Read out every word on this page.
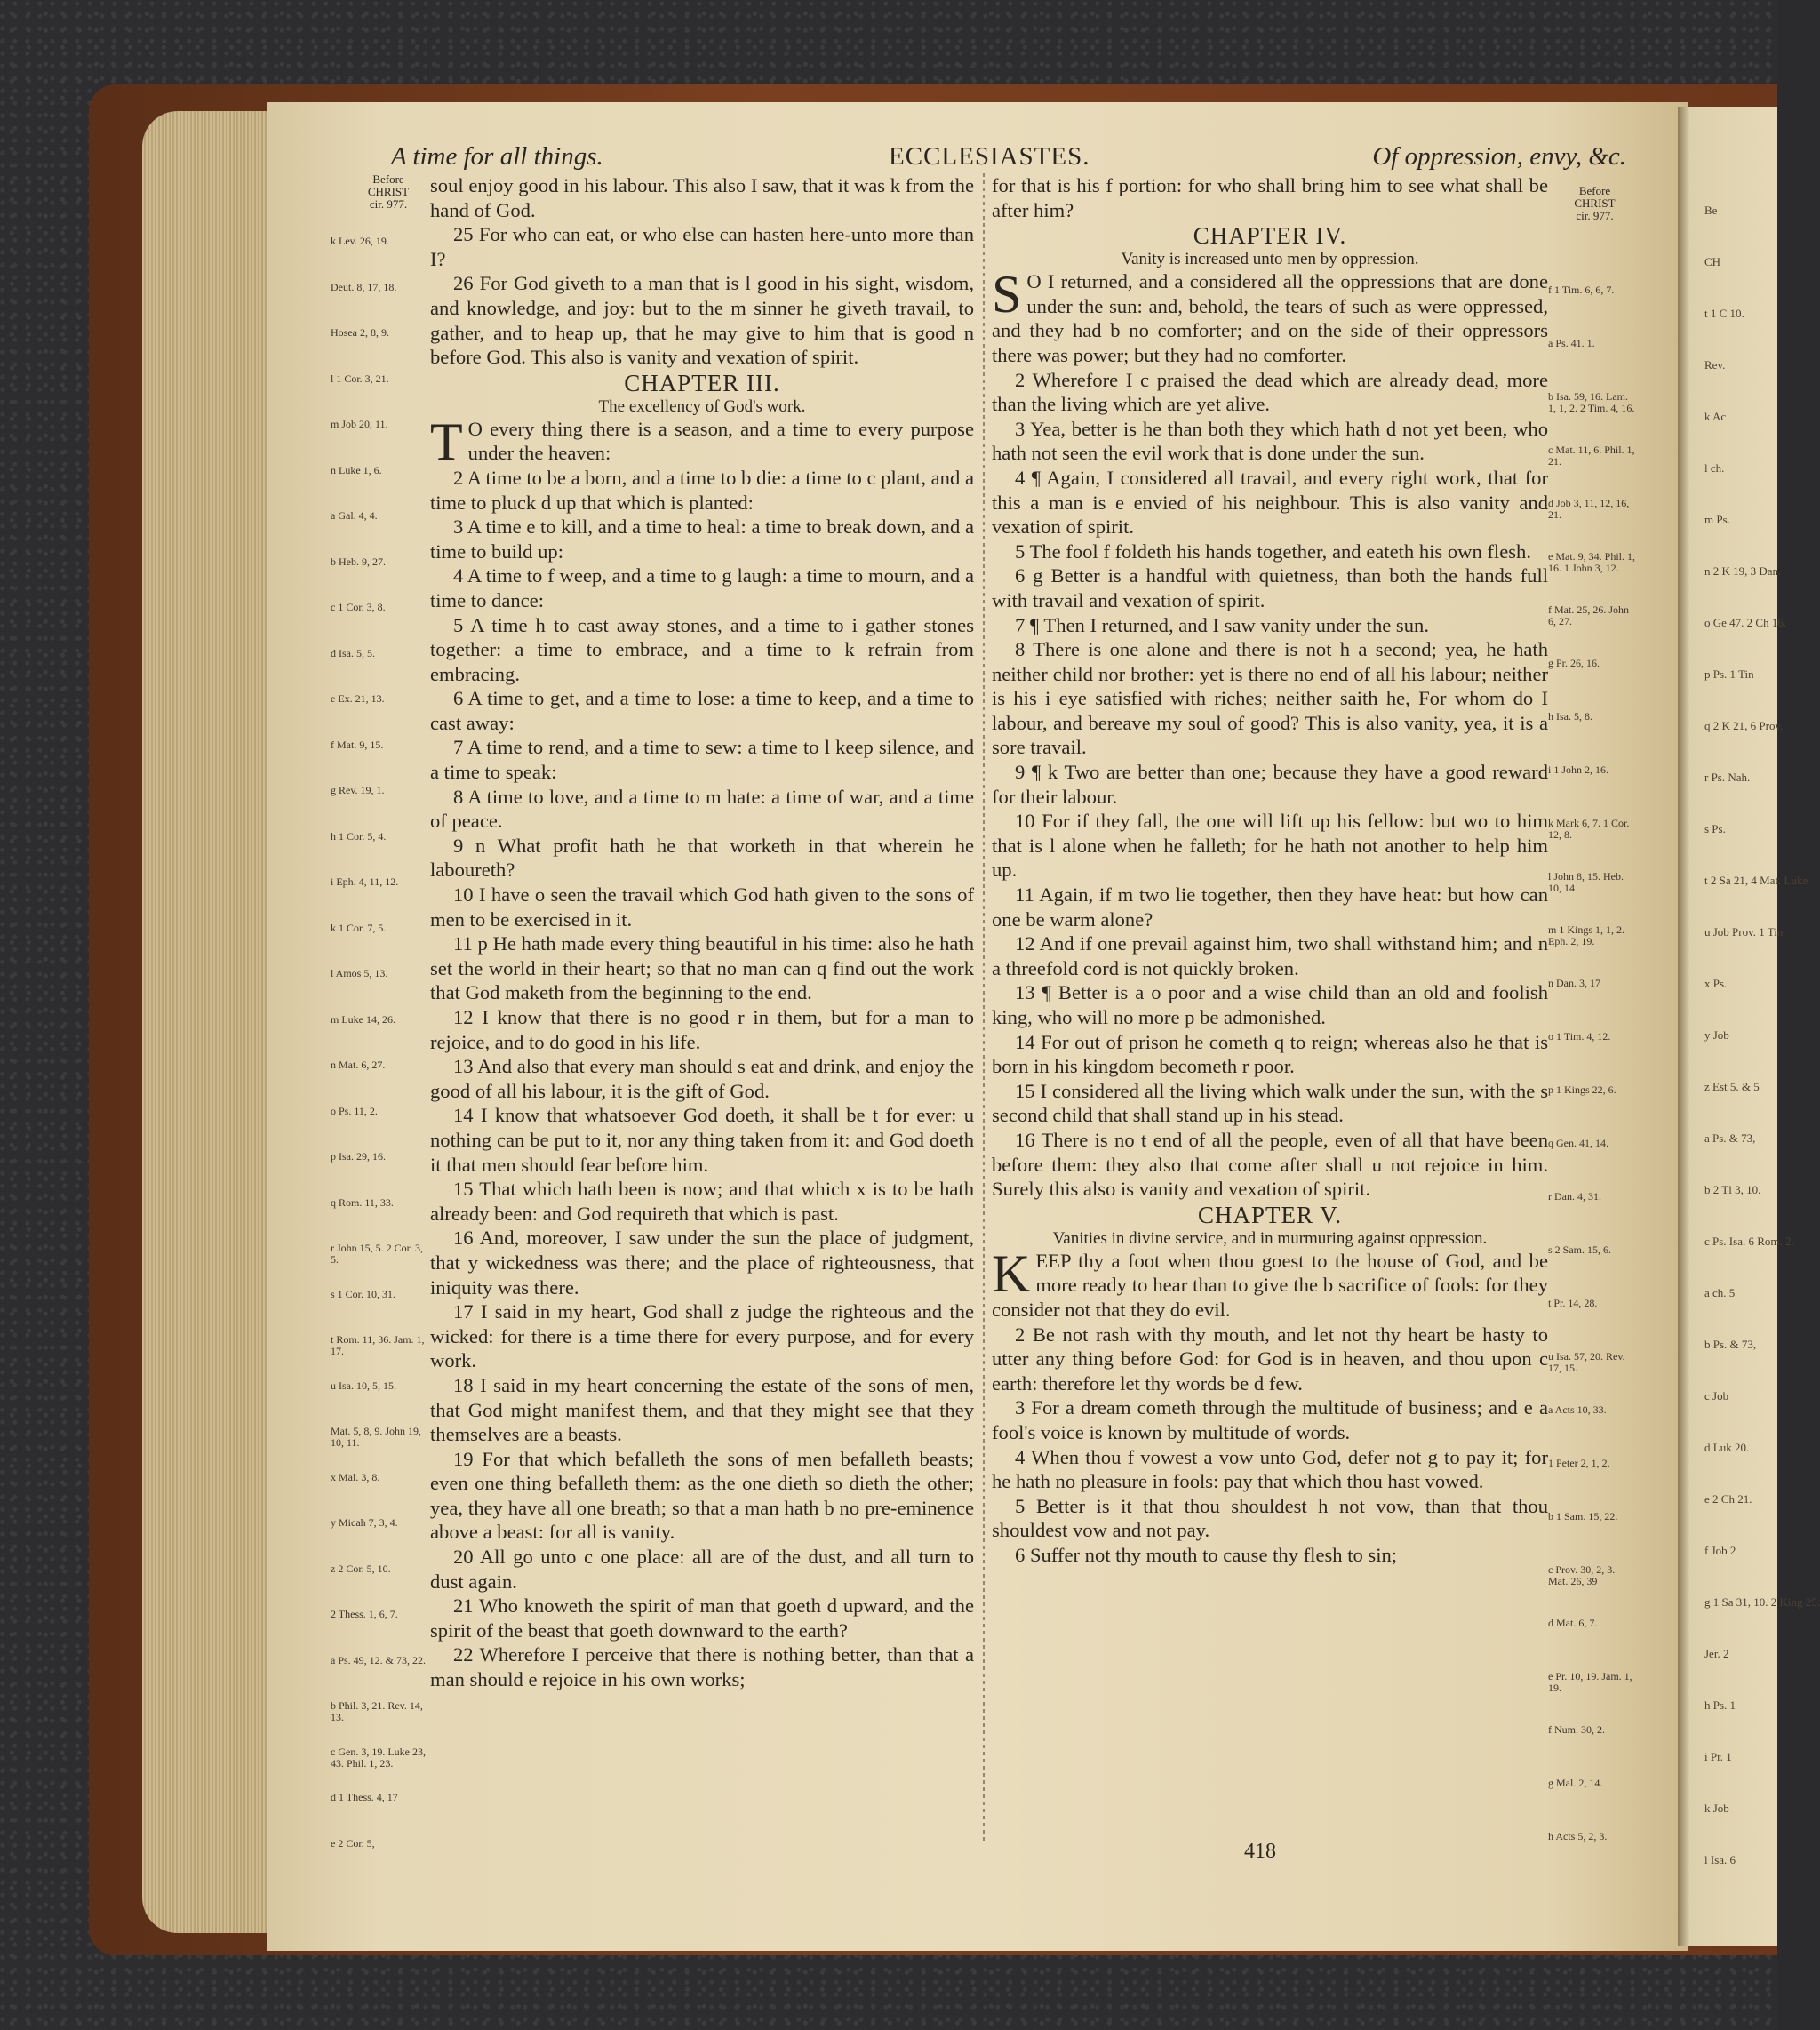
Be
CH
t 1 C 10.
Rev.
k Ac
l ch.
m Ps.
n 2 K 19, 3 Dan.
o Ge 47. 2 Ch 16.
p Ps. 1 Tin
q 2 K 21, 6 Prov.
r Ps. Nah.
s Ps.
t 2 Sa 21, 4 Mat. Luke
u Job Prov. 1 Tin
x Ps.
y Job
z Est 5. & 5
a Ps. & 73,
b 2 Tl 3, 10.
c Ps. Isa. 6 Rom. 2.
a ch. 5
b Ps. & 73,
c Job
d Luk 20.
e 2 Ch 21.
f Job 2
g 1 Sa 31, 10. 2 King 25.
Jer. 2
h Ps. 1
i Pr. 1
k Job
l Isa. 6
A time for all things.	ECCLESIASTES.	Of oppression, envy, &c.
Before
CHRIST
cir. 977.
Before
CHRIST
cir. 977.
k Lev. 26, 19.
Deut. 8, 17, 18.
Hosea 2, 8, 9.
l 1 Cor. 3, 21.
m Job 20, 11.
n Luke 1, 6.
a Gal. 4, 4.
b Heb. 9, 27.
c 1 Cor. 3, 8.
d Isa. 5, 5.
e Ex. 21, 13.
f Mat. 9, 15.
g Rev. 19, 1.
h 1 Cor. 5, 4.
i Eph. 4, 11, 12.
k 1 Cor. 7, 5.
l Amos 5, 13.
m Luke 14, 26.
n Mat. 6, 27.
o Ps. 11, 2.
p Isa. 29, 16.
q Rom. 11, 33.
r John 15, 5. 2 Cor. 3, 5.
s 1 Cor. 10, 31.
t Rom. 11, 36. Jam. 1, 17.
u Isa. 10, 5, 15.
Mat. 5, 8, 9. John 19, 10, 11.
x Mal. 3, 8.
y Micah 7, 3, 4.
z 2 Cor. 5, 10.
2 Thess. 1, 6, 7.
a Ps. 49, 12. & 73, 22.
b Phil. 3, 21. Rev. 14, 13.
c Gen. 3, 19. Luke 23, 43. Phil. 1, 23.
d 1 Thess. 4, 17
e 2 Cor. 5,
f 1 Tim. 6, 6, 7.
a Ps. 41. 1.
b Isa. 59, 16. Lam. 1, 1, 2. 2 Tim. 4, 16.
c Mat. 11, 6. Phil. 1, 21.
d Job 3, 11, 12, 16, 21.
e Mat. 9, 34. Phil. 1, 16. 1 John 3, 12.
f Mat. 25, 26. John 6, 27.
g Pr. 26, 16.
h Isa. 5, 8.
i 1 John 2, 16.
k Mark 6, 7. 1 Cor. 12, 8.
l John 8, 15. Heb. 10, 14
m 1 Kings 1, 1, 2. Eph. 2, 19.
n Dan. 3, 17
o 1 Tim. 4, 12.
p 1 Kings 22, 6.
q Gen. 41, 14.
r Dan. 4, 31.
s 2 Sam. 15, 6.
t Pr. 14, 28.
u Isa. 57, 20. Rev. 17, 15.
a Acts 10, 33.
1 Peter 2, 1, 2.
b 1 Sam. 15, 22.
c Prov. 30, 2, 3. Mat. 26, 39
d Mat. 6, 7.
e Pr. 10, 19. Jam. 1, 19.
f Num. 30, 2.
g Mal. 2, 14.
h Acts 5, 2, 3.

soul enjoy good in his labour. This also I saw, that it was k from the hand of God.

25 For who can eat, or who else can hasten here-unto more than I?

26 For God giveth to a man that is l good in his sight, wisdom, and knowledge, and joy: but to the m sinner he giveth travail, to gather, and to heap up, that he may give to him that is good n before God. This also is vanity and vexation of spirit.

CHAPTER III.
The excellency of God's work.

T O every thing there is a season, and a time to every purpose under the heaven:

2 A time to be a born, and a time to b die: a time to c plant, and a time to pluck d up that which is planted:

3 A time e to kill, and a time to heal: a time to break down, and a time to build up:

4 A time to f weep, and a time to g laugh: a time to mourn, and a time to dance:

5 A time h to cast away stones, and a time to i gather stones together: a time to embrace, and a time to k refrain from embracing.

6 A time to get, and a time to lose: a time to keep, and a time to cast away:

7 A time to rend, and a time to sew: a time to l keep silence, and a time to speak:

8 A time to love, and a time to m hate: a time of war, and a time of peace.

9 n What profit hath he that worketh in that wherein he laboureth?

10 I have o seen the travail which God hath given to the sons of men to be exercised in it.

11 p He hath made every thing beautiful in his time: also he hath set the world in their heart; so that no man can q find out the work that God maketh from the beginning to the end.

12 I know that there is no good r in them, but for a man to rejoice, and to do good in his life.

13 And also that every man should s eat and drink, and enjoy the good of all his labour, it is the gift of God.

14 I know that whatsoever God doeth, it shall be t for ever: u nothing can be put to it, nor any thing taken from it: and God doeth it that men should fear before him.

15 That which hath been is now; and that which x is to be hath already been: and God requireth that which is past.

16 And, moreover, I saw under the sun the place of judgment, that y wickedness was there; and the place of righteousness, that iniquity was there.

17 I said in my heart, God shall z judge the righteous and the wicked: for there is a time there for every purpose, and for every work.

18 I said in my heart concerning the estate of the sons of men, that God might manifest them, and that they might see that they themselves are a beasts.

19 For that which befalleth the sons of men befalleth beasts; even one thing befalleth them: as the one dieth so dieth the other; yea, they have all one breath; so that a man hath b no pre-eminence above a beast: for all is vanity.

20 All go unto c one place: all are of the dust, and all turn to dust again.

21 Who knoweth the spirit of man that goeth d upward, and the spirit of the beast that goeth downward to the earth?

22 Wherefore I perceive that there is nothing better, than that a man should e rejoice in his own works;

for that is his f portion: for who shall bring him to see what shall be after him?

CHAPTER IV.
Vanity is increased unto men by oppression.

S O I returned, and a considered all the oppressions that are done under the sun: and, behold, the tears of such as were oppressed, and they had b no comforter; and on the side of their oppressors there was power; but they had no comforter.

2 Wherefore I c praised the dead which are already dead, more than the living which are yet alive.

3 Yea, better is he than both they which hath d not yet been, who hath not seen the evil work that is done under the sun.

4 ¶ Again, I considered all travail, and every right work, that for this a man is e envied of his neighbour. This is also vanity and vexation of spirit.

5 The fool f foldeth his hands together, and eateth his own flesh.

6 g Better is a handful with quietness, than both the hands full with travail and vexation of spirit.

7 ¶ Then I returned, and I saw vanity under the sun.

8 There is one alone and there is not h a second; yea, he hath neither child nor brother: yet is there no end of all his labour; neither is his i eye satisfied with riches; neither saith he, For whom do I labour, and bereave my soul of good? This is also vanity, yea, it is a sore travail.

9 ¶ k Two are better than one; because they have a good reward for their labour.

10 For if they fall, the one will lift up his fellow: but wo to him that is l alone when he falleth; for he hath not another to help him up.

11 Again, if m two lie together, then they have heat: but how can one be warm alone?

12 And if one prevail against him, two shall withstand him; and n a threefold cord is not quickly broken.

13 ¶ Better is a o poor and a wise child than an old and foolish king, who will no more p be admonished.

14 For out of prison he cometh q to reign; whereas also he that is born in his kingdom becometh r poor.

15 I considered all the living which walk under the sun, with the s second child that shall stand up in his stead.

16 There is no t end of all the people, even of all that have been before them: they also that come after shall u not rejoice in him. Surely this also is vanity and vexation of spirit.

CHAPTER V.
Vanities in divine service, and in murmuring against oppression.

KEEP thy a foot when thou goest to the house of God, and be more ready to hear than to give the b sacrifice of fools: for they consider not that they do evil.

2 Be not rash with thy mouth, and let not thy heart be hasty to utter any thing before God: for God is in heaven, and thou upon c earth: therefore let thy words be d few.

3 For a dream cometh through the multitude of business; and e a fool's voice is known by multitude of words.

4 When thou f vowest a vow unto God, defer not g to pay it; for he hath no pleasure in fools: pay that which thou hast vowed.

5 Better is it that thou shouldest h not vow, than that thou shouldest vow and not pay.

6 Suffer not thy mouth to cause thy flesh to sin;

418
